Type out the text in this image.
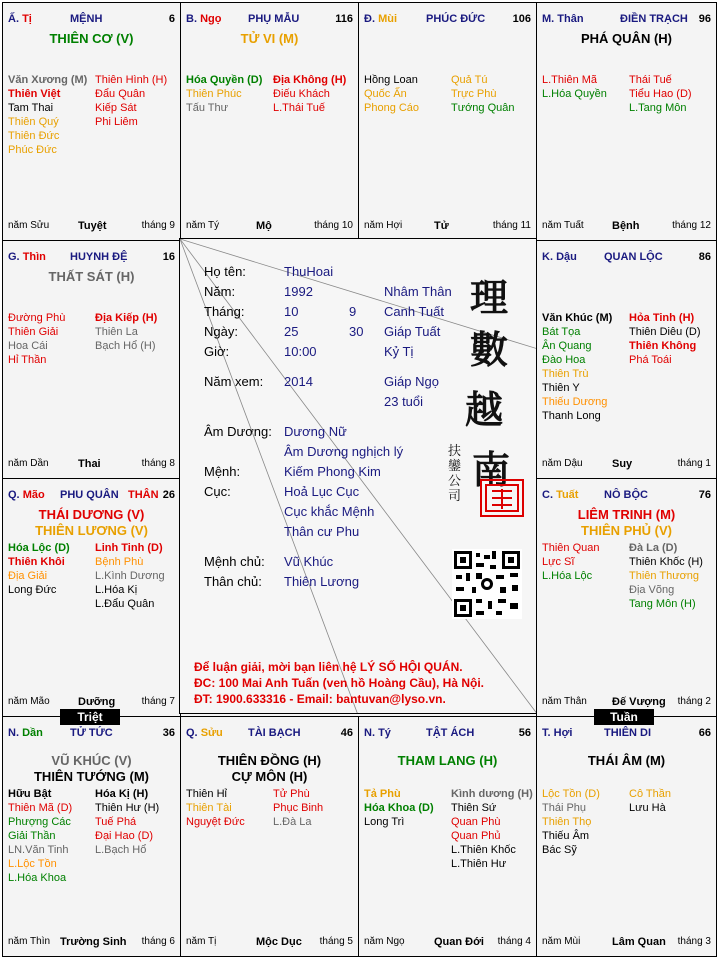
Ấ. Tị	MỆNH	6
THIÊN CƠ (V)
Văn Xương (M)
Thiên Việt
Tam Thai
Thiên Quý
Thiên Đức
Phúc Đức
Thiên Hình (H)
Đẩu Quân
Kiếp Sát
Phi Liêm
năm Sửu	Tuyệt	tháng 9
B. Ngọ PHỤ MẪU	116
TỬ VI (M)
Hóa Quyền (D)
Thiên Phúc
Tấu Thư
Địa Không (H)
Điếu Khách
L.Thái Tuế
năm Tý	Mộ	tháng 10
Đ. Mùi	PHÚC ĐỨC 106
Hồng Loan
Quốc Ấn
Phong Cáo
Quả Tú
Trực Phù
Tướng Quân
năm Hợi	Tử	tháng 11
M. Thân	ĐIỀN TRẠCH 96
PHÁ QUÂN (H)
L.Thiên Mã
L.Hóa Quyền
Thái Tuế
Tiểu Hao (D)
L.Tang Môn
năm Tuất	Bệnh	tháng 12
G. Thìn HUYNH ĐỆ	16
THẤT SÁT (H)
Đường Phù
Thiên Giải
Hoa Cái
Hỉ Thần
Địa Kiếp (H)
Thiên La
Bạch Hổ (H)
năm Dần	Thai	tháng 8
K. Dậu QUAN LỘC	86
Văn Khúc (M)
Bát Tọa
Ân Quang
Đào Hoa
Thiên Trù
Thiên Y
Thiếu Dương
Thanh Long
Hỏa Tinh (H)
Thiên Diêu (D)
Thiên Không
Phá Toái
năm Dậu	Suy	tháng 1
Q. Mão PHU QUÂN THÂN 26
THÁI DƯƠNG (V)
THIÊN LƯƠNG (V)
Hóa Lộc (D)
Thiên Khôi
Địa Giải
Long Đức
Linh Tinh (D)
Bệnh Phù
L.Kình Dương
L.Hóa Kị
L.Đẩu Quân
năm Mão	Dưỡng	tháng 7
C. Tuất NÔ BỘC	76
LIÊM TRINH (M)
THIÊN PHỦ (V)
Thiên Quan
Lực Sĩ
L.Hóa Lộc
Đà La (D)
Thiên Khốc (H)
Thiên Thương
Địa Võng
Tang Môn (H)
năm Thân Đế Vượng tháng 2
N. Dần TỬ TỨC	36
VŨ KHÚC (V)
THIÊN TƯỚNG (M)
Hữu Bật
Thiên Mã (D)
Phượng Các
Giải Thần
LN.Văn Tinh
L.Lộc Tồn
L.Hóa Khoa
Hóa Kị (H)
Thiên Hư (H)
Tuế Phá
Đại Hao (D)
L.Bạch Hổ
năm Thìn Trường Sinh tháng 6
Q. Sửu TÀI BẠCH	46
THIÊN ĐỒNG (H)
CỰ MÔN (H)
Thiên Hỉ
Thiên Tài
Nguyệt Đức
Tử Phù
Phục Binh
L.Đà La
năm Tị	Mộc Dục tháng 5
N. Tý	TẬT ÁCH	56
THAM LANG (H)
Tả Phù
Hóa Khoa (D)
Long Trì
Kình dương (H)
Thiên Sứ
Quan Phù
Quan Phủ
L.Thiên Khốc
L.Thiên Hư
năm Ngọ	Quan Đới tháng 4
T. Hợi	THIÊN DI	66
THÁI ÂM (M)
Lộc Tồn (D)
Thái Phụ
Thiên Thọ
Thiếu Âm
Bác Sỹ
Cô Thần
Lưu Hà
năm Mùi	Lâm Quan tháng 3
Họ tên:	ThuHoai
Năm:	1992	Nhâm Thân
Tháng:	10	9 Canh Tuất
Ngày:	25	30 Giáp Tuất
Giờ:	10:00	Kỷ Tị
Năm xem: 2014	Giáp Ngọ
23 tuổi
Âm Dương: Dương Nữ
Âm Dương nghịch lý
Mệnh:	Kiếm Phong Kim
Cục:	Hoả Lục Cục
Cục khắc Mệnh
Thân cư Phu
Mệnh chủ: Vũ Khúc
Thân chủ: Thiên Lương
理
數
越
南
扶鑾公司
Để luận giải, mời bạn liên hệ LÝ SỐ HỘI QUÁN.
ĐC: 100 Mai Anh Tuấn (ven hồ Hoàng Cầu), Hà Nội.
ĐT: 1900.633316 - Email: bantuvan@lyso.vn.
Triệt	Tuần
